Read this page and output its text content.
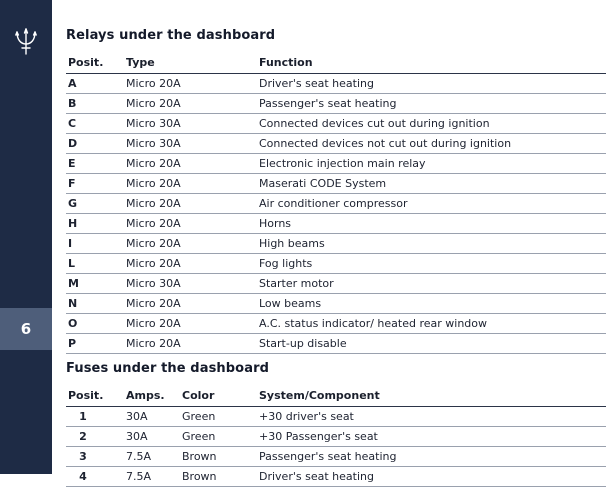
6
Relays under the dashboard
Posit.	Type	Function
A	Micro 20A	Driver's seat heating
B	Micro 20A	Passenger's seat heating
C	Micro 30A	Connected devices cut out during ignition
D	Micro 30A	Connected devices not cut out during ignition
E	Micro 20A	Electronic injection main relay
F	Micro 20A	Maserati CODE System
G	Micro 20A	Air conditioner compressor
H	Micro 20A	Horns
I	Micro 20A	High beams
L	Micro 20A	Fog lights
M	Micro 30A	Starter motor
N	Micro 20A	Low beams
O	Micro 20A	A.C. status indicator/ heated rear window
P	Micro 20A	Start-up disable
Fuses under the dashboard
Posit.	Amps.	Color	System/Component
1	30A	Green	+30 driver's seat
2	30A	Green	+30 Passenger's seat
3	7.5A	Brown	Passenger's seat heating
4	7.5A	Brown	Driver's seat heating
